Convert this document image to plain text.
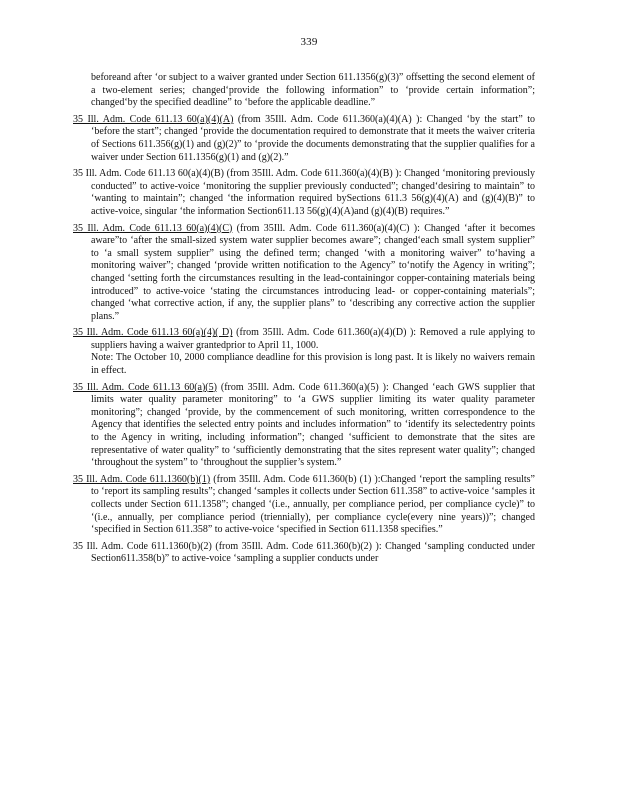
339

beforeand after ‘or subject to a waiver granted under Section 611.1356(g)(3)” offsetting the second element of a two-element series; changed‘provide the following information” to ‘provide certain information”; changed‘by the specified deadline” to ‘before the applicable deadline.”

35 Ill. Adm. Code 611.13 60(a)(4)(A) (from 35Ill. Adm. Code 611.360(a)(4)(A) ): Changed ‘by the start” to ‘before the start”; changed ‘provide the documentation required to demonstrate that it meets the waiver criteria of Sections 611.356(g)(1) and (g)(2)” to ‘provide the documents demonstrating that the supplier qualifies for a waiver under Section 611.1356(g)(1) and (g)(2).”

35 Ill. Adm. Code 611.13 60(a)(4)(B) (from 35Ill. Adm. Code 611.360(a)(4)(B) ): Changed ‘monitoring previously conducted” to active-voice ‘monitoring the supplier previously conducted”; changed‘desiring to maintain” to ‘wanting to maintain”; changed ‘the information required bySections 611.3 56(g)(4)(A) and (g)(4)(B)” to active-voice, singular ‘the information Section611.13 56(g)(4)(A)and (g)(4)(B) requires.”

35 Ill. Adm. Code 611.13 60(a)(4)(C) (from 35Ill. Adm. Code 611.360(a)(4)(C) ): Changed ‘after it becomes aware”to ‘after the small-sized system water supplier becomes aware”; changed‘each small system supplier” to ‘a small system supplier” using the defined term; changed ‘with a monitoring waiver” to‘having a monitoring waiver”; changed ‘provide written notification to the Agency” to‘notify the Agency in writing”; changed ‘setting forth the circumstances resulting in the lead-containingor copper-containing materials being introduced” to active-voice ‘stating the circumstances introducing lead- or copper-containing materials”; changed ‘what corrective action, if any, the supplier plans” to ‘describing any corrective action the supplier plans.”

35 Ill. Adm. Code 611.13 60(a)(4)( D) (from 35Ill. Adm. Code 611.360(a)(4)(D) ): Removed a rule applying to suppliers having a waiver grantedprior to April 11, 1000.
Note: The October 10, 2000 compliance deadline for this provision is long past. It is likely no waivers remain in effect.

35 Ill. Adm. Code 611.13 60(a)(5) (from 35Ill. Adm. Code 611.360(a)(5) ): Changed ‘each GWS supplier that limits water quality parameter monitoring” to ‘a GWS supplier limiting its water quality parameter monitoring”; changed ‘provide, by the commencement of such monitoring, written correspondence to the Agency that identifies the selected entry points and includes information” to ‘identify its selectedentry points to the Agency in writing, including information”; changed ‘sufficient to demonstrate that the sites are representative of water quality” to ‘sufficiently demonstrating that the sites represent water quality”; changed ‘throughout the system” to ‘throughout the supplier’s system.”

35 Ill. Adm. Code 611.1360(b)(1) (from 35Ill. Adm. Code 611.360(b) (1) ):Changed ‘report the sampling results” to ‘report its sampling results”; changed ‘samples it collects under Section 611.358” to active-voice ‘samples it collects under Section 611.1358”; changed ‘(i.e., annually, per compliance period, per compliance cycle)” to ‘(i.e., annually, per compliance period (triennially), per compliance cycle(every nine years))”; changed ‘specified in Section 611.358” to active-voice ‘specified in Section 611.1358 specifies.”

35 Ill. Adm. Code 611.1360(b)(2) (from 35Ill. Adm. Code 611.360(b)(2) ): Changed ‘sampling conducted under Section611.358(b)” to active-voice ‘sampling a supplier conducts under
